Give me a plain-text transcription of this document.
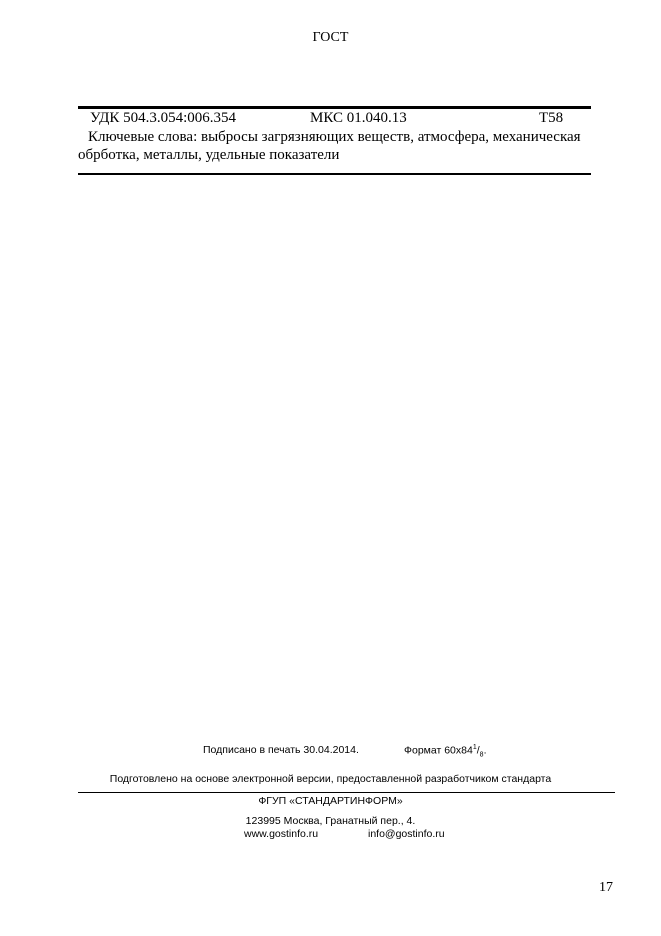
ГОСТ
УДК 504.3.054:006.354	МКС 01.040.13	Т58
Ключевые слова: выбросы загрязняющих веществ, атмосфера, механическая обрботка, металлы, удельные показатели
Подписано в печать 30.04.2014.	Формат $60x84^1/_8$.
Подготовлено на основе электронной версии, предоставленной разработчиком стандарта
ФГУП «СТАНДАРТИНФОРМ»
123995 Москва, Гранатный пер., 4.
www.gostinfo.ru	info@gostinfo.ru
17
